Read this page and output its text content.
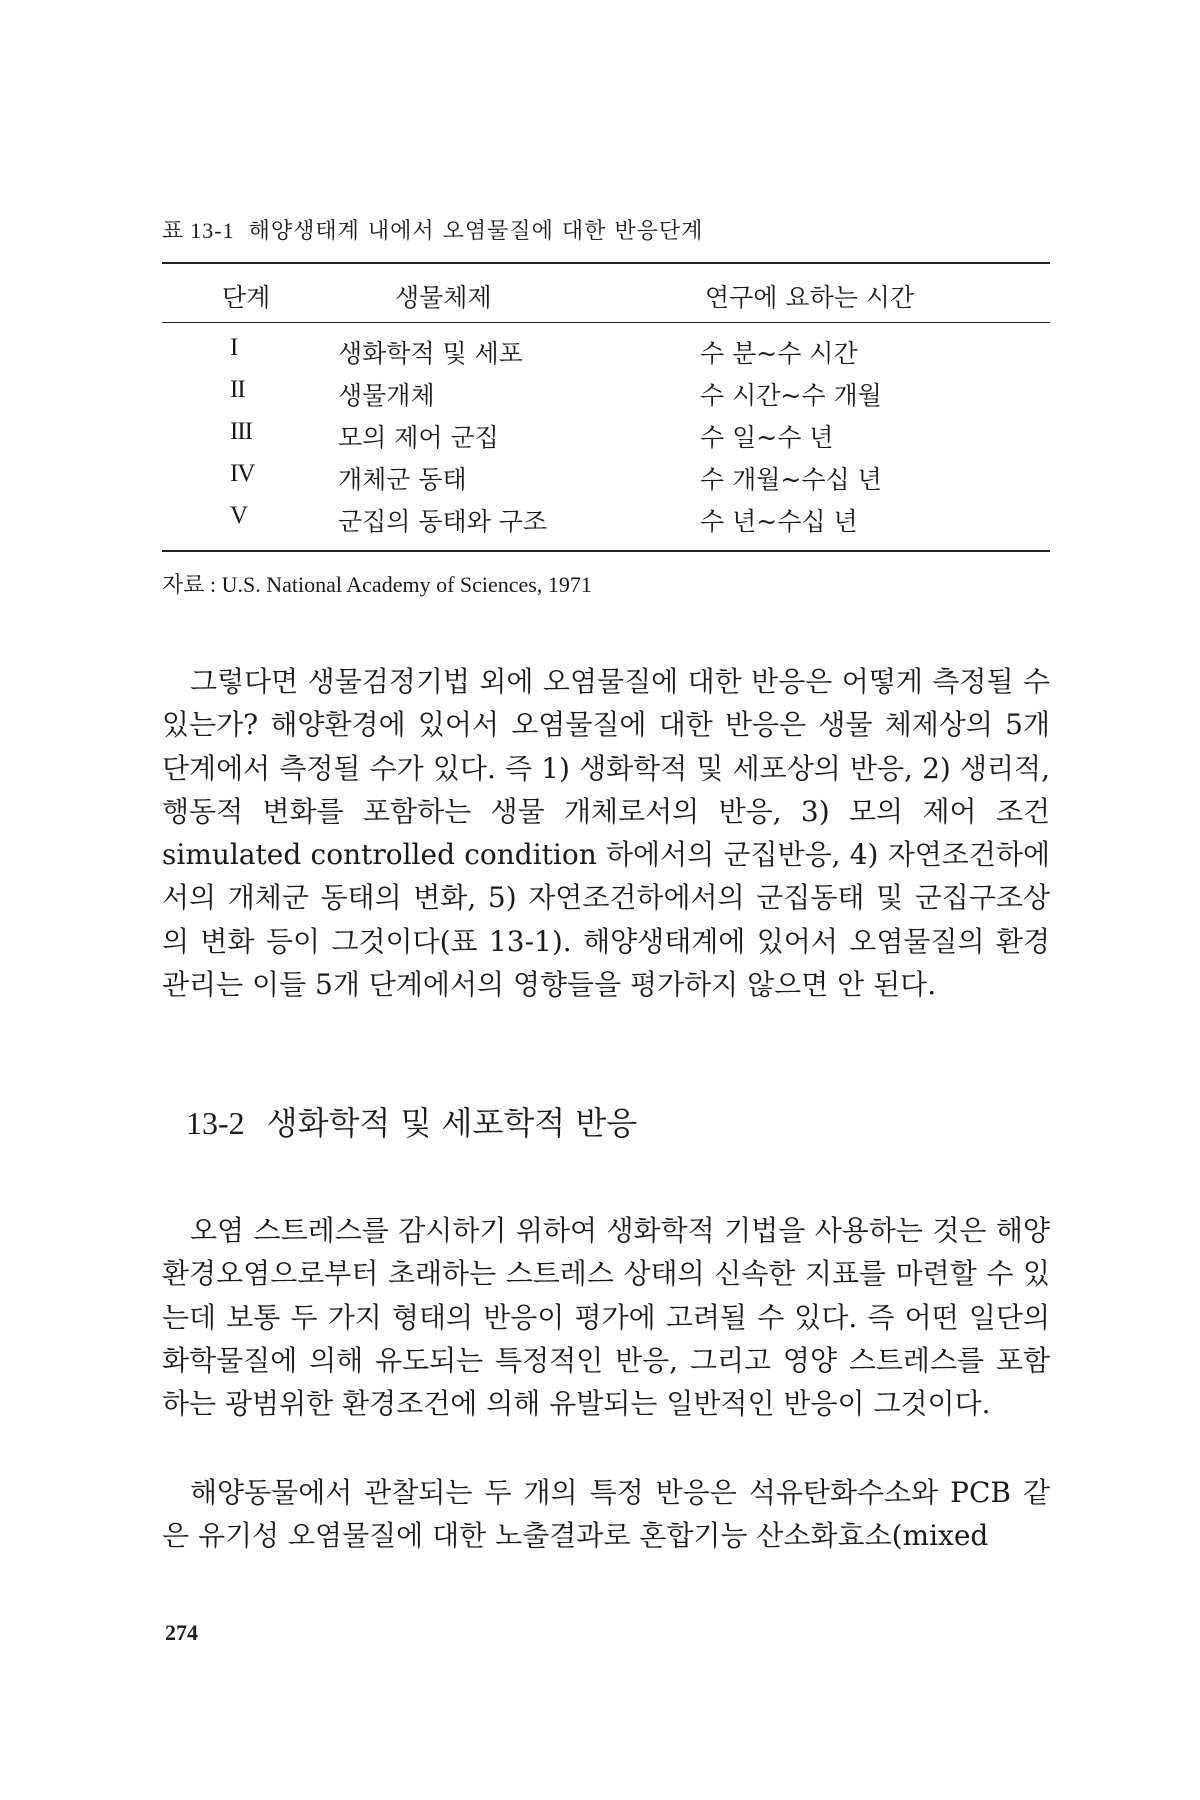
표 13-1 해양생태계 내에서 오염물질에 대한 반응단계
단계	생물체제	연구에 요하는 시간
I	생화학적 및 세포	수 분~수 시간
II	생물개체	수 시간~수 개월
III	모의 제어 군집	수 일~수 년
IV	개체군 동태	수 개월~수십 년
V	군집의 동태와 구조	수 년~수십 년
자료 : U.S. National Academy of Sciences, 1971

그렇다면 생물검정기법 외에 오염물질에 대한 반응은 어떻게 측정될 수 있는가? 해양환경에 있어서 오염물질에 대한 반응은 생물 체제상의 5개 단계에서 측정될 수가 있다. 즉 1) 생화학적 및 세포상의 반응, 2) 생리적, 행동적 변화를 포함하는 생물 개체로서의 반응, 3) 모의 제어 조건 simulated controlled condition 하에서의 군집반응, 4) 자연조건하에서의 개체군 동태의 변화, 5) 자연조건하에서의 군집동태 및 군집구조상의 변화 등이 그것이다(표 13-1). 해양생태계에 있어서 오염물질의 환경관리는 이들 5개 단계에서의 영향들을 평가하지 않으면 안 된다.

13-2 생화학적 및 세포학적 반응

오염 스트레스를 감시하기 위하여 생화학적 기법을 사용하는 것은 해양 환경오염으로부터 초래하는 스트레스 상태의 신속한 지표를 마련할 수 있는데 보통 두 가지 형태의 반응이 평가에 고려될 수 있다. 즉 어떤 일단의 화학물질에 의해 유도되는 특정적인 반응, 그리고 영양 스트레스를 포함하는 광범위한 환경조건에 의해 유발되는 일반적인 반응이 그것이다.

해양동물에서 관찰되는 두 개의 특정 반응은 석유탄화수소와 PCB 같은 유기성 오염물질에 대한 노출결과로 혼합기능 산소화효소(mixed

274
